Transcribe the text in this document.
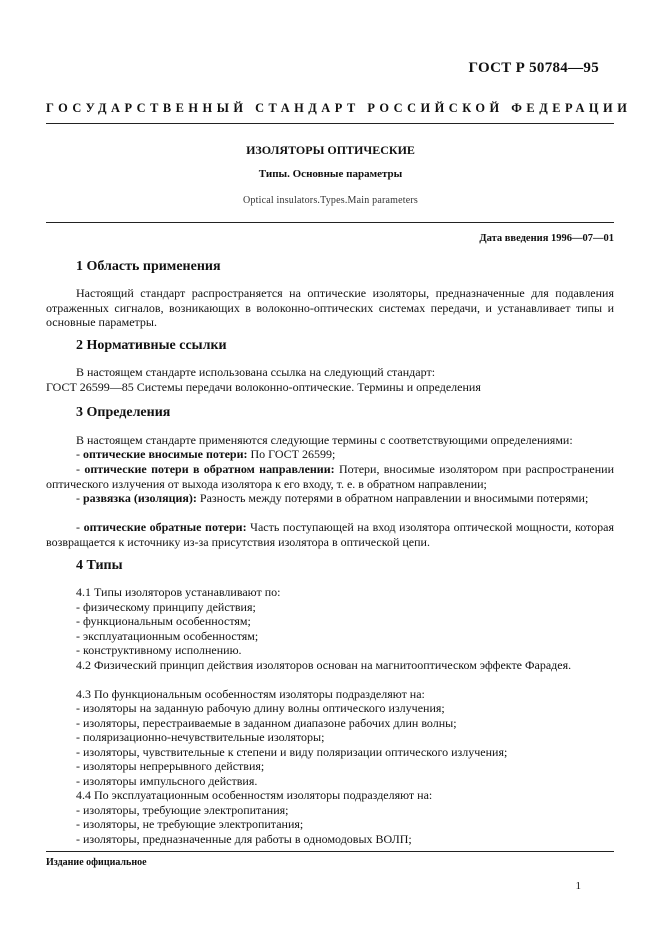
ГОСТ Р 50784—95
ГОСУДАРСТВЕННЫЙ СТАНДАРТ РОССИЙСКОЙ ФЕДЕРАЦИИ
ИЗОЛЯТОРЫ ОПТИЧЕСКИЕ
Типы. Основные параметры
Optical insulators.Types.Main parameters
Дата введения 1996—07—01
1 Область применения
Настоящий стандарт распространяется на оптические изоляторы, предназначенные для подавления отраженных сигналов, возникающих в волоконно-оптических системах передачи, и устанавливает типы и основные параметры.
2 Нормативные ссылки
В настоящем стандарте использована ссылка на следующий стандарт:
ГОСТ 26599—85 Системы передачи волоконно-оптические. Термины и определения
3 Определения
В настоящем стандарте применяются следующие термины с соответствующими определениями:
- оптические вносимые потери: По ГОСТ 26599;
- оптические потери в обратном направлении: Потери, вносимые изолятором при распространении оптического излучения от выхода изолятора к его входу, т. е. в обратном направлении;
- развязка (изоляция): Разность между потерями в обратном направлении и вносимыми потерями;
- оптические обратные потери: Часть поступающей на вход изолятора оптической мощности, которая возвращается к источнику из-за присутствия изолятора в оптической цепи.
4 Типы
4.1 Типы изоляторов устанавливают по:
- физическому принципу действия;
- функциональным особенностям;
- эксплуатационным особенностям;
- конструктивному исполнению.
4.2 Физический принцип действия изоляторов основан на магнитооптическом эффекте Фарадея.
4.3 По функциональным особенностям изоляторы подразделяют на:
- изоляторы на заданную рабочую длину волны оптического излучения;
- изоляторы, перестраиваемые в заданном диапазоне рабочих длин волны;
- поляризационно-нечувствительные изоляторы;
- изоляторы, чувствительные к степени и виду поляризации оптического излучения;
- изоляторы непрерывного действия;
- изоляторы импульсного действия.
4.4 По эксплуатационным особенностям изоляторы подразделяют на:
- изоляторы, требующие электропитания;
- изоляторы, не требующие электропитания;
- изоляторы, предназначенные для работы в одномодовых ВОЛП;
Издание официальное
1
